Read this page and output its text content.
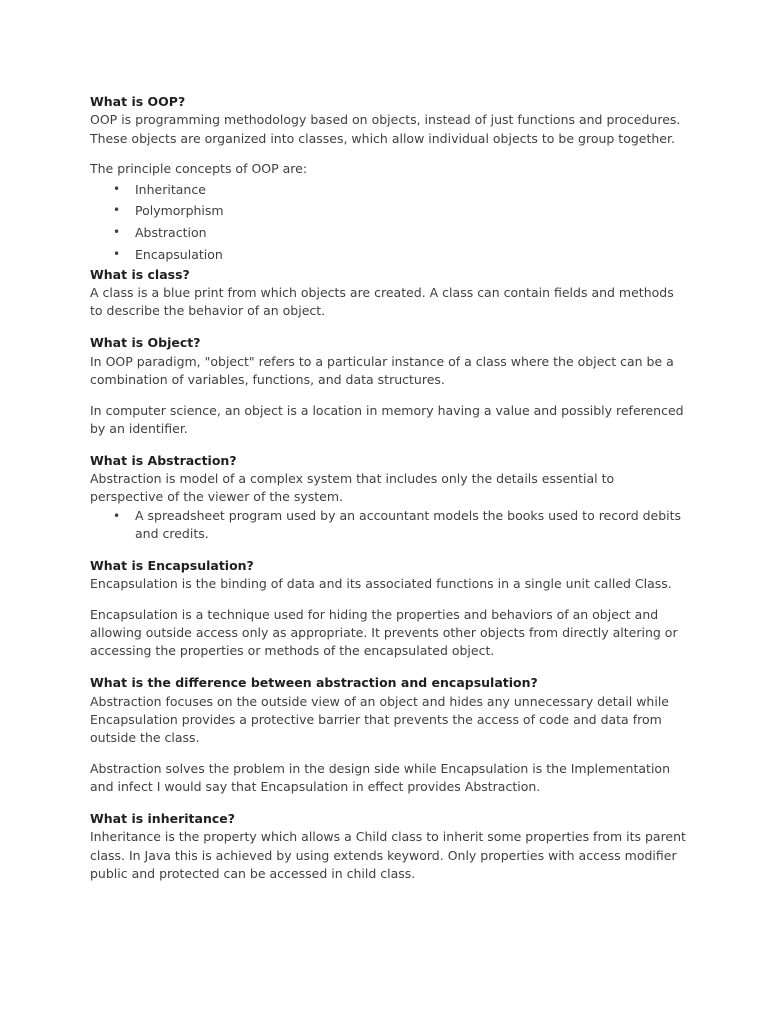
What is OOP?

OOP is programming methodology based on objects, instead of just functions and procedures. These objects are organized into classes, which allow individual objects to be group together.

The principle concepts of OOP are:

• Inheritance
• Polymorphism
• Abstraction
• Encapsulation

What is class?

A class is a blue print from which objects are created. A class can contain fields and methods to describe the behavior of an object.

What is Object?

In OOP paradigm, "object" refers to a particular instance of a class where the object can be a combination of variables, functions, and data structures.

In computer science, an object is a location in memory having a value and possibly referenced by an identifier.

What is Abstraction?

Abstraction is model of a complex system that includes only the details essential to perspective of the viewer of the system.

• A spreadsheet program used by an accountant models the books used to record debits and credits.

What is Encapsulation?

Encapsulation is the binding of data and its associated functions in a single unit called Class.

Encapsulation is a technique used for hiding the properties and behaviors of an object and allowing outside access only as appropriate. It prevents other objects from directly altering or accessing the properties or methods of the encapsulated object.

What is the difference between abstraction and encapsulation?

Abstraction focuses on the outside view of an object and hides any unnecessary detail while Encapsulation provides a protective barrier that prevents the access of code and data from outside the class.

Abstraction solves the problem in the design side while Encapsulation is the Implementation and infect I would say that Encapsulation in effect provides Abstraction.

What is inheritance?

Inheritance is the property which allows a Child class to inherit some properties from its parent class. In Java this is achieved by using extends keyword. Only properties with access modifier public and protected can be accessed in child class.
